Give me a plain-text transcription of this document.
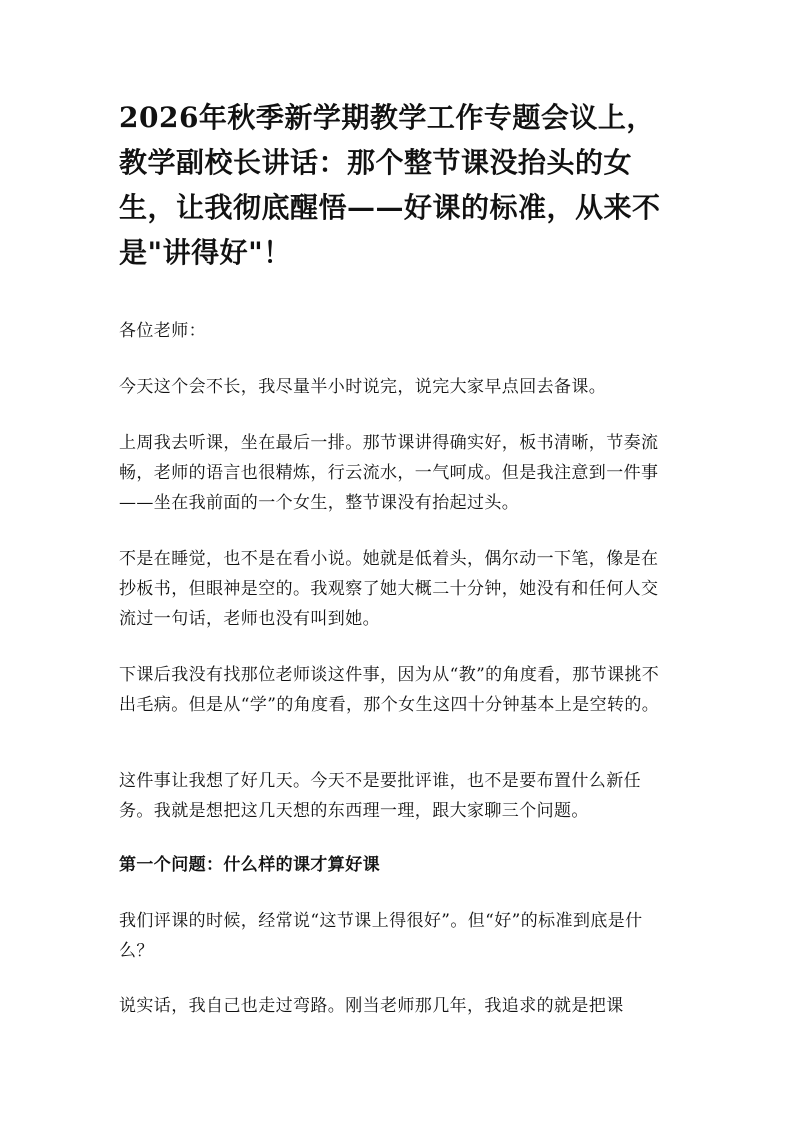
2026年秋季新学期教学工作专题会议上，教学副校长讲话：那个整节课没抬头的女生，让我彻底醒悟——好课的标准，从来不是"讲得好"！

各位老师：

今天这个会不长，我尽量半小时说完，说完大家早点回去备课。

上周我去听课，坐在最后一排。那节课讲得确实好，板书清晰，节奏流畅，老师的语言也很精炼，行云流水，一气呵成。但是我注意到一件事——坐在我前面的一个女生，整节课没有抬起过头。

不是在睡觉，也不是在看小说。她就是低着头，偶尔动一下笔，像是在抄板书，但眼神是空的。我观察了她大概二十分钟，她没有和任何人交流过一句话，老师也没有叫到她。

下课后我没有找那位老师谈这件事，因为从“教”的角度看，那节课挑不出毛病。但是从“学”的角度看，那个女生这四十分钟基本上是空转的。

这件事让我想了好几天。今天不是要批评谁，也不是要布置什么新任务。我就是想把这几天想的东西理一理，跟大家聊三个问题。

第一个问题：什么样的课才算好课

我们评课的时候，经常说“这节课上得很好”。但“好”的标准到底是什么？

说实话，我自己也走过弯路。刚当老师那几年，我追求的就是把课
